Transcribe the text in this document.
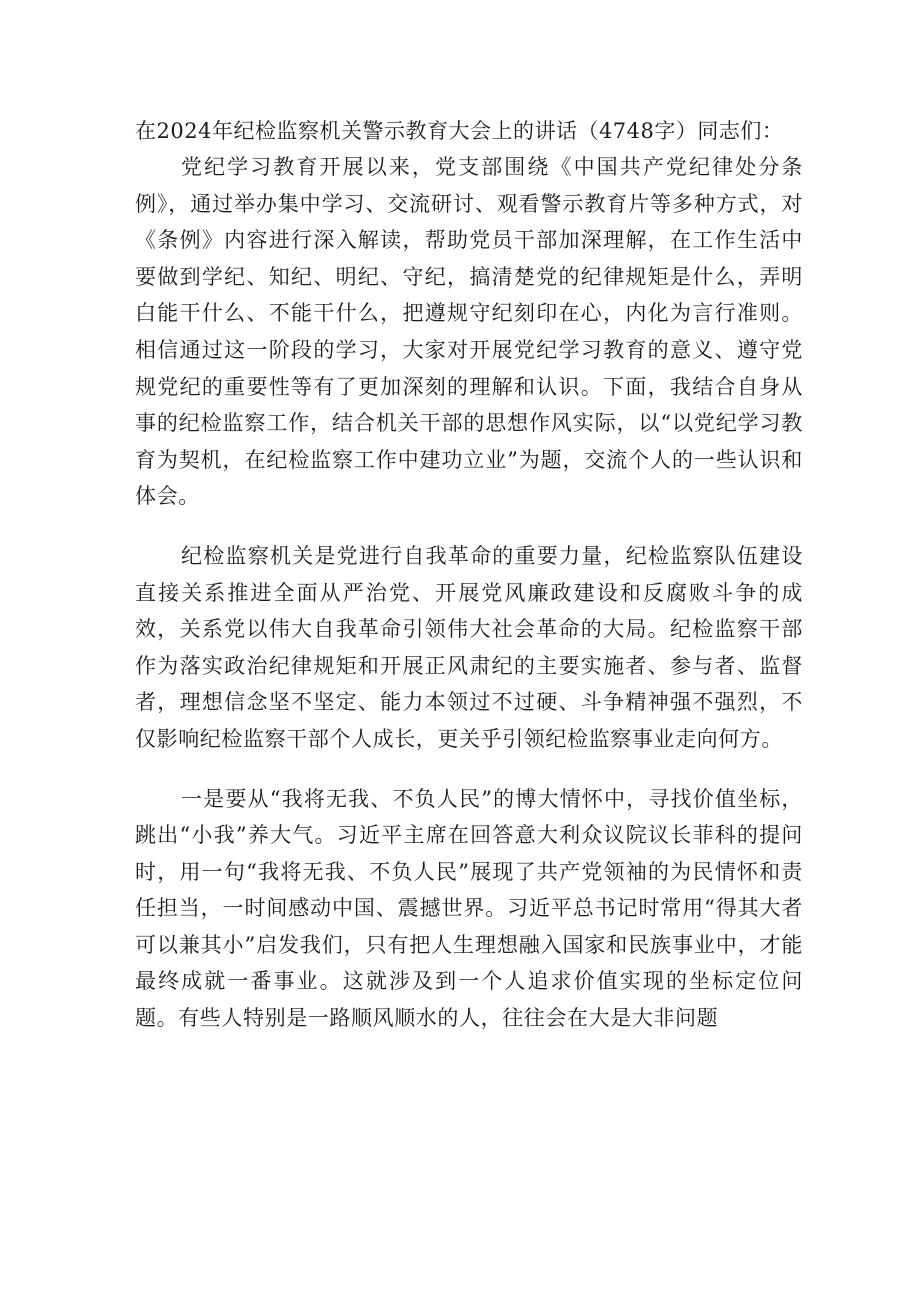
在2024年纪检监察机关警示教育大会上的讲话（4748字）同志们：

党纪学习教育开展以来，党支部围绕《中国共产党纪律处分条例》，通过举办集中学习、交流研讨、观看警示教育片等多种方式，对《条例》内容进行深入解读，帮助党员干部加深理解，在工作生活中要做到学纪、知纪、明纪、守纪，搞清楚党的纪律规矩是什么，弄明白能干什么、不能干什么，把遵规守纪刻印在心，内化为言行准则。相信通过这一阶段的学习，大家对开展党纪学习教育的意义、遵守党规党纪的重要性等有了更加深刻的理解和认识。下面，我结合自身从事的纪检监察工作，结合机关干部的思想作风实际，以“以党纪学习教育为契机，在纪检监察工作中建功立业”为题，交流个人的一些认识和体会。

纪检监察机关是党进行自我革命的重要力量，纪检监察队伍建设直接关系推进全面从严治党、开展党风廉政建设和反腐败斗争的成效，关系党以伟大自我革命引领伟大社会革命的大局。纪检监察干部作为落实政治纪律规矩和开展正风肃纪的主要实施者、参与者、监督者，理想信念坚不坚定、能力本领过不过硬、斗争精神强不强烈，不仅影响纪检监察干部个人成长，更关乎引领纪检监察事业走向何方。

一是要从“我将无我、不负人民”的博大情怀中，寻找价值坐标，跳出“小我”养大气。习近平主席在回答意大利众议院议长菲科的提问时，用一句“我将无我、不负人民”展现了共产党领袖的为民情怀和责任担当，一时间感动中国、震撼世界。习近平总书记时常用“得其大者可以兼其小”启发我们，只有把人生理想融入国家和民族事业中，才能最终成就一番事业。这就涉及到一个人追求价值实现的坐标定位问题。有些人特别是一路顺风顺水的人，往往会在大是大非问题
